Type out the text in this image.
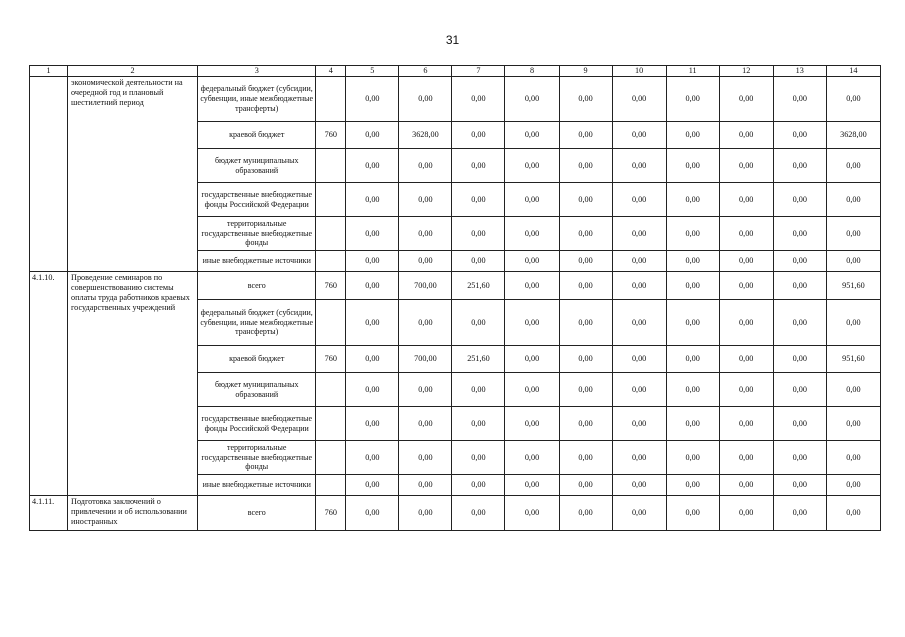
31
1	2	3	4	5	6	7	8	9	10	11	12	13	14
	экономической деятельности на очередной год и плановый шестилетний период	федеральный бюджет (субсидии, субвенции, иные межбюджетные трансферты)		0,00	0,00	0,00	0,00	0,00	0,00	0,00	0,00	0,00	0,00
		краевой бюджет	760	0,00	3628,00	0,00	0,00	0,00	0,00	0,00	0,00	0,00	3628,00
		бюджет муниципальных образований		0,00	0,00	0,00	0,00	0,00	0,00	0,00	0,00	0,00	0,00
		государственные внебюджетные фонды Российской Федерации		0,00	0,00	0,00	0,00	0,00	0,00	0,00	0,00	0,00	0,00
		территориальные государственные внебюджетные фонды		0,00	0,00	0,00	0,00	0,00	0,00	0,00	0,00	0,00	0,00
		иные внебюджетные источники		0,00	0,00	0,00	0,00	0,00	0,00	0,00	0,00	0,00	0,00
4.1.10.	Проведение семинаров по совершенствованию системы оплаты труда работников краевых государственных учреждений	всего	760	0,00	700,00	251,60	0,00	0,00	0,00	0,00	0,00	0,00	951,60
		федеральный бюджет (субсидии, субвенции, иные межбюджетные трансферты)		0,00	0,00	0,00	0,00	0,00	0,00	0,00	0,00	0,00	0,00
		краевой бюджет	760	0,00	700,00	251,60	0,00	0,00	0,00	0,00	0,00	0,00	951,60
		бюджет муниципальных образований		0,00	0,00	0,00	0,00	0,00	0,00	0,00	0,00	0,00	0,00
		государственные внебюджетные фонды Российской Федерации		0,00	0,00	0,00	0,00	0,00	0,00	0,00	0,00	0,00	0,00
		территориальные государственные внебюджетные фонды		0,00	0,00	0,00	0,00	0,00	0,00	0,00	0,00	0,00	0,00
		иные внебюджетные источники		0,00	0,00	0,00	0,00	0,00	0,00	0,00	0,00	0,00	0,00
4.1.11.	Подготовка заключений о привлечении и об использовании иностранных	всего	760	0,00	0,00	0,00	0,00	0,00	0,00	0,00	0,00	0,00	0,00
